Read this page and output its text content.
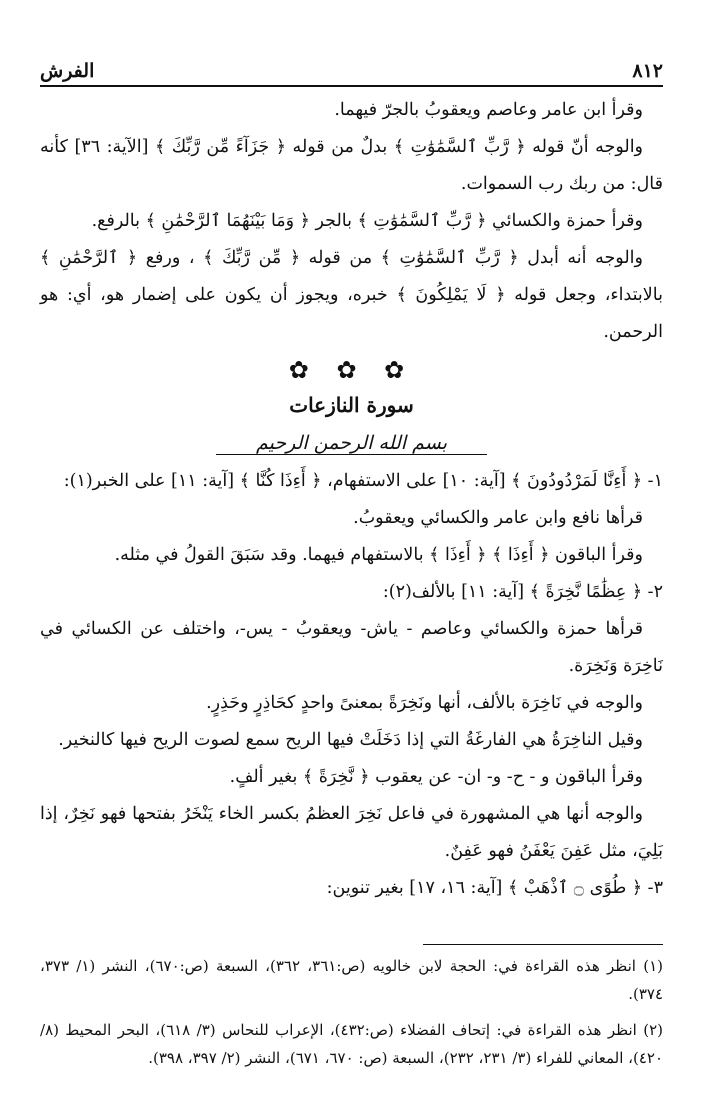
٨١٢
الفرش

وقرأ ابن عامر وعاصم ويعقوبُ بالجرّ فيهما.

والوجه أنّ قوله ﴿ رَّبِّ ٱلسَّمَٰوَٰتِ ﴾ بدلٌ من قوله ﴿ جَزَآءً مِّن رَّبِّكَ ﴾ [الآية: ٣٦] كأنه قال: من ربك رب السموات.

وقرأ حمزة والكسائي ﴿ رَّبِّ ٱلسَّمَٰوَٰتِ ﴾ بالجر ﴿ وَمَا بَيْنَهُمَا ٱلرَّحْمَٰنِ ﴾ بالرفع.

والوجه أنه أبدل ﴿ رَّبِّ ٱلسَّمَٰوَٰتِ ﴾ من قوله ﴿ مِّن رَّبِّكَ ﴾ ، ورفع ﴿ ٱلرَّحْمَٰنِ ﴾ بالابتداء، وجعل قوله ﴿ لَا يَمْلِكُونَ ﴾ خبره، ويجوز أن يكون على إضمار هو، أي: هو الرحمن.

✿ ✿ ✿
سورة النازعات
بسم الله الرحمن الرحيم

١- ﴿ أَءِنَّا لَمَرْدُودُونَ ﴾ [آية: ١٠] على الاستفهام، ﴿ أَءِذَا كُنَّا ﴾ [آية: ١١] على الخبر(١):

قرأها نافع وابن عامر والكسائي ويعقوبُ.

وقرأ الباقون ﴿ أَءِذَا ﴾ ﴿ أَءِذَا ﴾ بالاستفهام فيهما. وقد سَبَقَ القولُ في مثله.

٢- ﴿ عِظَٰمًا نَّخِرَةً ﴾ [آية: ١١] بالألف(٢):

قرأها حمزة والكسائي وعاصم - ياش- ويعقوبُ - يس-، واختلف عن الكسائي في نَاخِرَة وَنَخِرَة.

والوجه في نَاخِرَة بالألف، أنها ونَخِرَةً بمعنىً واحدٍ كحَاذِرٍ وحَذِرٍ.

وقيل الناخِرَةُ هي الفارغَةُ التي إذا دَخَلَتْ فيها الريح سمع لصوت الريح فيها كالنخير.

وقرأ الباقون و - ح- و- ان- عن يعقوب ﴿ نَّخِرَةً ﴾ بغير ألفٍ.

والوجه أنها هي المشهورة في فاعل نَخِرَ العظمُ بكسر الخاء يَنْخَرُ بفتحها فهو نَخِرٌ، إذا بَلِيَ، مثل عَفِنَ يَعْفَنُ فهو عَفِنٌ.

٣- ﴿ طُوًى ۝ ٱذْهَبْ ﴾ [آية: ١٦، ١٧] بغير تنوين:

(١) انظر هذه القراءة في: الحجة لابن خالويه (ص:٣٦١، ٣٦٢)، السبعة (ص:٦٧٠)، النشر (١/ ٣٧٣، ٣٧٤).

(٢) انظر هذه القراءة في: إتحاف الفضلاء (ص:٤٣٢)، الإعراب للنحاس (٣/ ٦١٨)، البحر المحيط (٨/ ٤٢٠)، المعاني للفراء (٣/ ٢٣١، ٢٣٢)، السبعة (ص: ٦٧٠، ٦٧١)، النشر (٢/ ٣٩٧، ٣٩٨).
